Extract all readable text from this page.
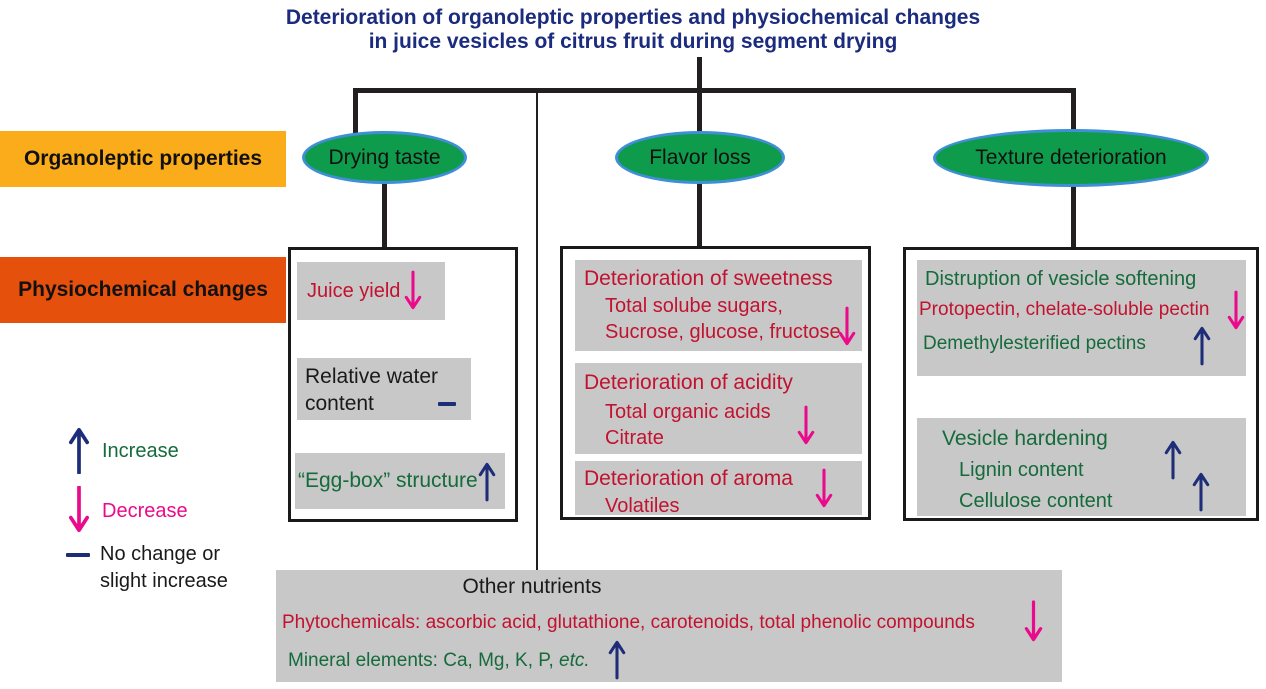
Deterioration of organoleptic properties and physiochemical changes
in juice vesicles of citrus fruit during segment drying
Organoleptic properties
Physiochemical changes
Drying taste	Flavor loss	Texture deterioration
Increase
Decrease
No change or
slight increase
Juice yield
Relative water
content
“Egg-box” structure
Deterioration of sweetness
Total solube sugars,
Sucrose, glucose, fructose
Deterioration of acidity
Total organic acids
Citrate
Deterioration of aroma
Volatiles
Distruption of vesicle softening
Protopectin, chelate-soluble pectin
Demethylesterified pectins
Vesicle hardening
Lignin content
Cellulose content
Other nutrients
Phytochemicals: ascorbic acid, glutathione, carotenoids, total phenolic compounds
Mineral elements: Ca, Mg, K, P, etc.
